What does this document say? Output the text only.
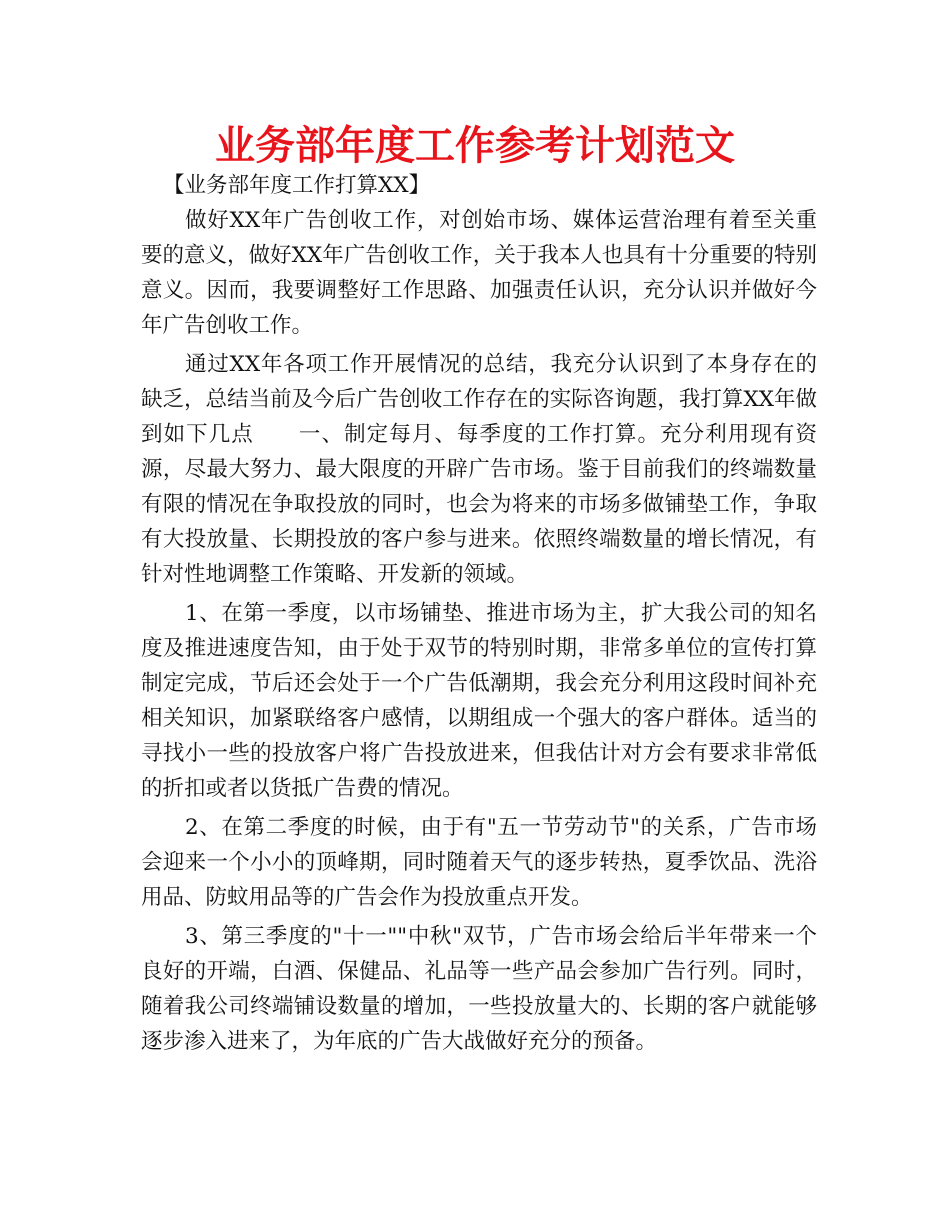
业务部年度工作参考计划范文

【业务部年度工作打算XX】

做好XX年广告创收工作，对创始市场、媒体运营治理有着至关重要的意义，做好XX年广告创收工作，关于我本人也具有十分重要的特别意义。因而，我要调整好工作思路、加强责任认识，充分认识并做好今年广告创收工作。

通过XX年各项工作开展情况的总结，我充分认识到了本身存在的缺乏，总结当前及今后广告创收工作存在的实际咨询题，我打算XX年做到如下几点 一、制定每月、每季度的工作打算。充分利用现有资源，尽最大努力、最大限度的开辟广告市场。鉴于目前我们的终端数量有限的情况在争取投放的同时，也会为将来的市场多做铺垫工作，争取有大投放量、长期投放的客户参与进来。依照终端数量的增长情况，有针对性地调整工作策略、开发新的领域。

1、在第一季度，以市场铺垫、推进市场为主，扩大我公司的知名度及推进速度告知，由于处于双节的特别时期，非常多单位的宣传打算制定完成，节后还会处于一个广告低潮期，我会充分利用这段时间补充相关知识，加紧联络客户感情，以期组成一个强大的客户群体。适当的寻找小一些的投放客户将广告投放进来，但我估计对方会有要求非常低的折扣或者以货抵广告费的情况。

2、在第二季度的时候，由于有"五一节劳动节"的关系，广告市场会迎来一个小小的顶峰期，同时随着天气的逐步转热，夏季饮品、洗浴用品、防蚊用品等的广告会作为投放重点开发。

3、第三季度的"十一""中秋"双节，广告市场会给后半年带来一个良好的开端，白酒、保健品、礼品等一些产品会参加广告行列。同时，随着我公司终端铺设数量的增加，一些投放量大的、长期的客户就能够逐步渗入进来了，为年底的广告大战做好充分的预备。
